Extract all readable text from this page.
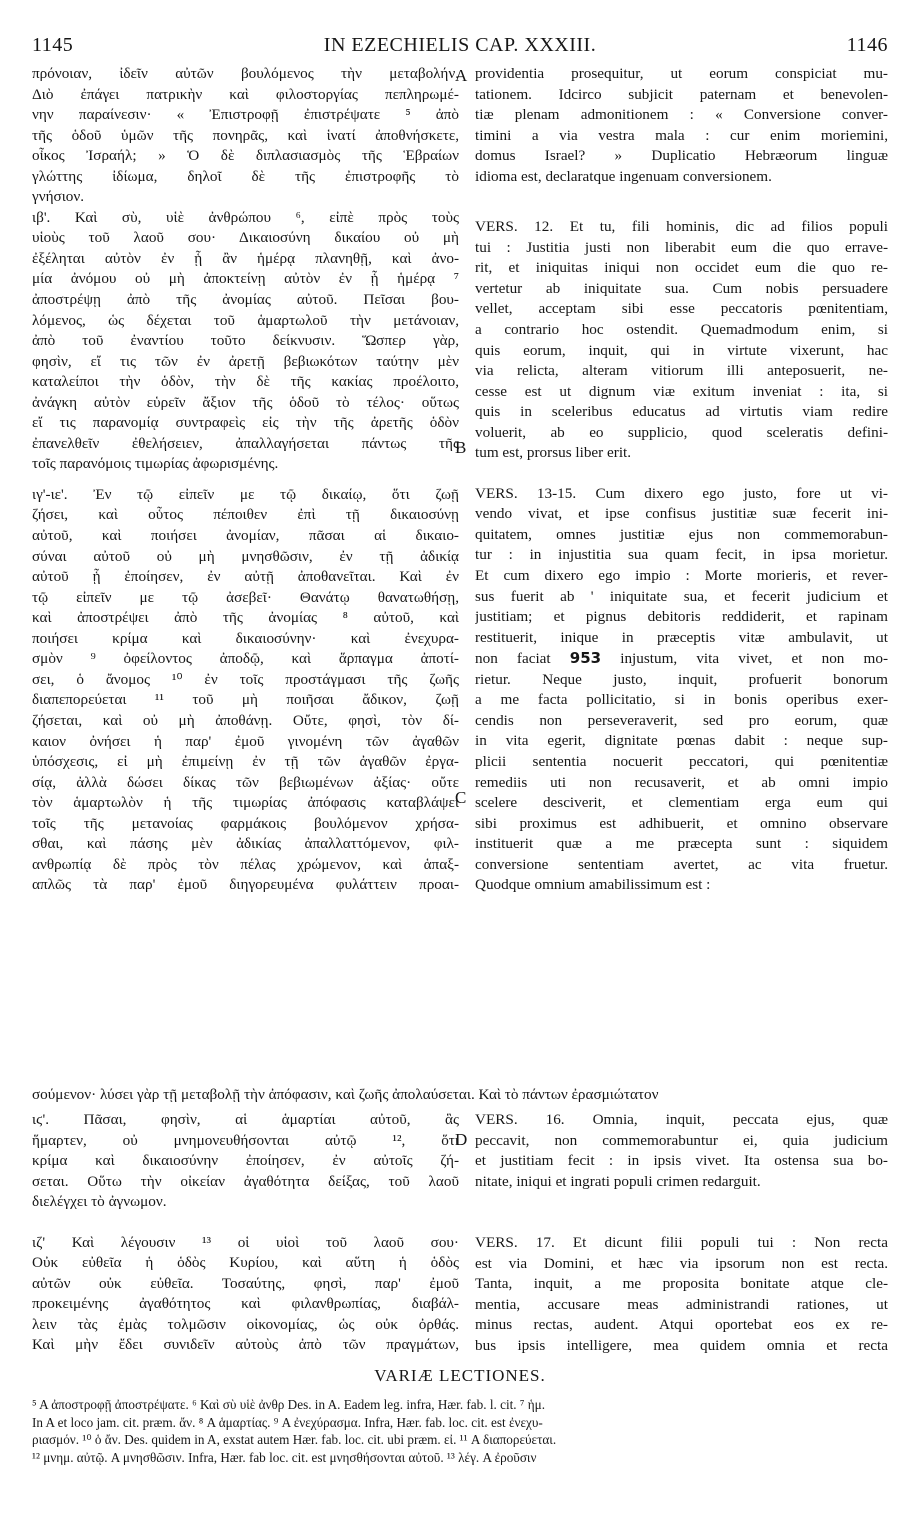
1145	IN EZECHIELIS CAP. XXXIII.	1146
πρόνοιαν, ἰδεῖν αὐτῶν βουλόμενος τὴν μεταβολήν.
Διὸ ἐπάγει πατρικὴν καὶ φιλοστοργίας πεπληρωμέ-
νην παραίνεσιν· « Ἐπιστροφῇ ἐπιστρέψατε ⁵ ἀπὸ
τῆς ὁδοῦ ὑμῶν τῆς πονηρᾶς, καὶ ἱνατί ἀποθνήσκετε,
οἶκος Ἰσραήλ; » Ὁ δὲ διπλασιασμὸς τῆς Ἑβραίων
γλώττης ἰδίωμα, δηλοῖ δὲ τῆς ἐπιστροφῆς τὸ
γνήσιον.
ιβ'. Καὶ σὺ, υἱὲ ἀνθρώπου ⁶, εἰπὲ πρὸς τοὺς
υἱοὺς τοῦ λαοῦ σου· Δικαιοσύνη δικαίου οὐ μὴ
ἐξέληται αὐτὸν ἐν ᾗ ἂν ἡμέρᾳ πλανηθῇ, καὶ ἀνο-
μία ἀνόμου οὐ μὴ ἀποκτείνῃ αὐτὸν ἐν ᾗ ἡμέρᾳ ⁷
ἀποστρέψῃ ἀπὸ τῆς ἀνομίας αὐτοῦ. Πεῖσαι βου-
λόμενος, ὡς δέχεται τοῦ ἁμαρτωλοῦ τὴν μετάνοιαν,
ἀπὸ τοῦ ἐναντίου τοῦτο δείκνυσιν. Ὥσπερ γὰρ,
φησὶν, εἴ τις τῶν ἐν ἀρετῇ βεβιωκότων ταύτην μὲν
καταλείποι τὴν ὁδὸν, τὴν δὲ τῆς κακίας προέλοιτο,
ἀνάγκη αὐτὸν εὑρεῖν ἄξιον τῆς ὁδοῦ τὸ τέλος· οὕτως
εἴ τις παρανομίᾳ συντραφεὶς εἰς τὴν τῆς ἀρετῆς ὁδὸν
ἐπανελθεῖν ἐθελήσειεν, ἀπαλλαγήσεται πάντως τῆς
τοῖς παρανόμοις τιμωρίας ἀφωρισμένης.
ιγ'-ιε'. Ἐν τῷ εἰπεῖν με τῷ δικαίῳ, ὅτι ζωῇ
ζήσει, καὶ οὗτος πέποιθεν ἐπὶ τῇ δικαιοσύνῃ
αὐτοῦ, καὶ ποιήσει ἀνομίαν, πᾶσαι αἱ δικαιο-
σύναι αὐτοῦ οὐ μὴ μνησθῶσιν, ἐν τῇ ἀδικίᾳ
αὐτοῦ ᾗ ἐποίησεν, ἐν αὐτῇ ἀποθανεῖται. Καὶ ἐν
τῷ εἰπεῖν με τῷ ἀσεβεῖ· Θανάτῳ θανατωθήσῃ,
καὶ ἀποστρέψει ἀπὸ τῆς ἀνομίας ⁸ αὐτοῦ, καὶ
ποιήσει κρίμα καὶ δικαιοσύνην· καὶ ἐνεχυρα-
σμὸν ⁹ ὀφείλοντος ἀποδῷ, καὶ ἅρπαγμα ἀποτί-
σει, ὁ ἄνομος ¹⁰ ἐν τοῖς προστάγμασι τῆς ζωῆς
διαπεπορεύεται ¹¹ τοῦ μὴ ποιῆσαι ἄδικον, ζωῇ
ζήσεται, καὶ οὐ μὴ ἀποθάνῃ. Οὔτε, φησὶ, τὸν δί-
καιον ὀνήσει ἡ παρ' ἐμοῦ γινομένη τῶν ἀγαθῶν
ὑπόσχεσις, εἰ μὴ ἐπιμείνῃ ἐν τῇ τῶν ἀγαθῶν ἐργα-
σίᾳ, ἀλλὰ δώσει δίκας τῶν βεβιωμένων ἀξίας· οὔτε
τὸν ἁμαρτωλὸν ἡ τῆς τιμωρίας ἀπόφασις καταβλάψει
τοῖς τῆς μετανοίας φαρμάκοις βουλόμενον χρήσα-
σθαι, καὶ πάσης μὲν ἀδικίας ἀπαλλαττόμενον, φιλ-
ανθρωπίᾳ δὲ πρὸς τὸν πέλας χρώμενον, καὶ ἁπαξ-
απλῶς τὰ παρ' ἐμοῦ διηγορευμένα φυλάττειν προαι-
providentia prosequitur, ut eorum conspiciat mu-
tationem. Idcirco subjicit paternam et benevolen-
tiæ plenam admonitionem : « Conversione conver-
timini a via vestra mala : cur enim moriemini,
domus Israel? » Duplicatio Hebræorum linguæ
idioma est, declaratque ingenuam conversionem.
VERS. 12. Et tu, fili hominis, dic ad filios populi
tui : Justitia justi non liberabit eum die quo errave-
rit, et iniquitas iniqui non occidet eum die quo re-
vertetur ab iniquitate sua. Cum nobis persuadere
vellet, acceptam sibi esse peccatoris pœnitentiam,
a contrario hoc ostendit. Quemadmodum enim, si
quis eorum, inquit, qui in virtute vixerunt, hac
via relicta, alteram vitiorum illi anteposuerit, ne-
cesse est ut dignum viæ exitum inveniat : ita, si
quis in sceleribus educatus ad virtutis viam redire
voluerit, ab eo supplicio, quod sceleratis defini-
tum est, prorsus liber erit.
VERS. 13-15. Cum dixero ego justo, fore ut vi-
vendo vivat, et ipse confisus justitiæ suæ fecerit ini-
quitatem, omnes justitiæ ejus non commemorabun-
tur : in injustitia sua quam fecit, in ipsa morietur.
Et cum dixero ego impio : Morte morieris, et rever-
sus fuerit ab ' iniquitate sua, et fecerit judicium et
justitiam; et pignus debitoris reddiderit, et rapinam
restituerit, inique in præceptis vitæ ambulavit, ut
non faciat 953 injustum, vita vivet, et non mo-
rietur. Neque justo, inquit, profuerit bonorum
a me facta pollicitatio, si in bonis operibus exer-
cendis non perseveraverit, sed pro eorum, quæ
in vita egerit, dignitate pœnas dabit : neque sup-
plicii sententia nocuerit peccatori, qui pœnitentiæ
remediis uti non recusaverit, et ab omni impio
scelere desciverit, et clementiam erga eum qui
sibi proximus est adhibuerit, et omnino observare
instituerit quæ a me præcepta sunt : siquidem
conversione sententiam avertet, ac vita fruetur.
Quodque omnium amabilissimum est :
σούμενον· λύσει γὰρ τῇ μεταβολῇ τὴν ἀπόφασιν, καὶ ζωῆς ἀπολαύσεται. Καὶ τὸ πάντων ἐρασμιώτατον
ιϛ'. Πᾶσαι, φησὶν, αἱ ἁμαρτίαι αὐτοῦ, ἃς
ἥμαρτεν, οὐ μνημονευθήσονται αὐτῷ ¹², ὅτι
κρίμα καὶ δικαιοσύνην ἐποίησεν, ἐν αὐτοῖς ζή-
σεται. Οὕτω τὴν οἰκείαν ἀγαθότητα δείξας, τοῦ λαοῦ
διελέγχει τὸ ἀγνωμον.
ιζ' Καὶ λέγουσιν ¹³ οἱ υἱοὶ τοῦ λαοῦ σου·
Οὐκ εὐθεῖα ἡ ὁδὸς Κυρίου, καὶ αὕτη ἡ ὁδὸς
αὐτῶν οὐκ εὐθεῖα. Τοσαύτης, φησὶ, παρ' ἐμοῦ
προκειμένης ἀγαθότητος καὶ φιλανθρωπίας, διαβάλ-
λειν τὰς ἐμὰς τολμῶσιν οἰκονομίας, ὡς οὐκ ὀρθάς.
Καὶ μὴν ἔδει συνιδεῖν αὐτοὺς ἀπὸ τῶν πραγμάτων,
VERS. 16. Omnia, inquit, peccata ejus, quæ
peccavit, non commemorabuntur ei, quia judicium
et justitiam fecit : in ipsis vivet. Ita ostensa sua bo-
nitate, iniqui et ingrati populi crimen redarguit.
VERS. 17. Et dicunt filii populi tui : Non recta
est via Domini, et hæc via ipsorum non est recta.
Tanta, inquit, a me proposita bonitate atque cle-
mentia, accusare meas administrandi rationes, ut
minus rectas, audent. Atqui oportebat eos ex re-
bus ipsis intelligere, mea quidem omnia et recta
A
B
C
D
VARIÆ LECTIONES.
⁵ A ἀποστροφῇ ἀποστρέψατε. ⁶ Καὶ σὺ υἱὲ ἀνθρ Des. in A. Eadem leg. infra, Hær. fab. l. cit. ⁷ ἡμ.
In A et loco jam. cit. præm. ἄν. ⁸ A ἁμαρτίας. ⁹ A ἐνεχύρασμα. Infra, Hær. fab. loc. cit. est ἐνεχυ-
ριασμόν. ¹⁰ ὁ ἄν. Des. quidem in A, exstat autem Hær. fab. loc. cit. ubi præm. εἰ. ¹¹ A διαπορεύεται.
¹² μνημ. αὐτῷ. A μνησθῶσιν. Infra, Hær. fab loc. cit. est μνησθήσονται αὐτοῦ. ¹³ λέγ. A ἐροῦσιν
